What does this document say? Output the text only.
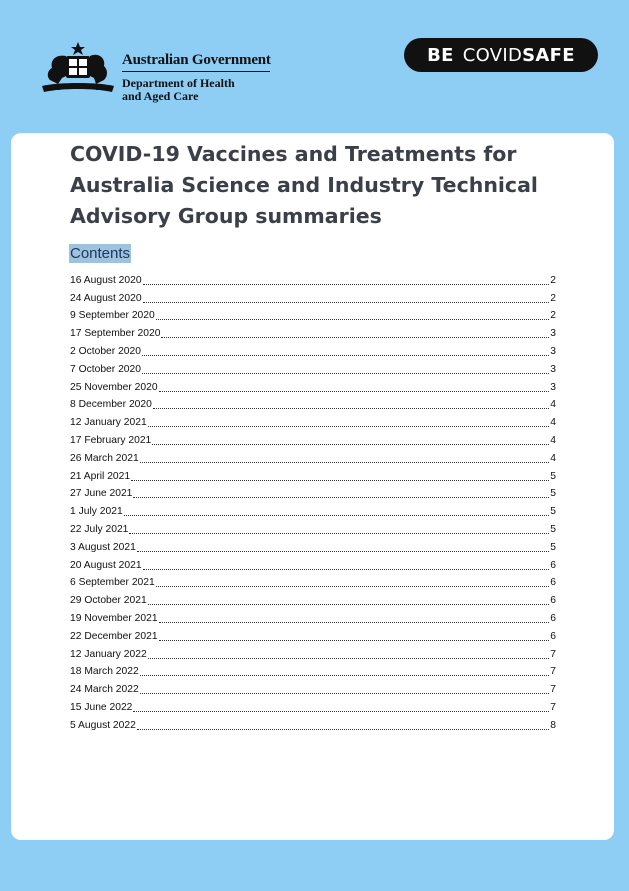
Australian Government
Department of Health
and Aged Care
BE COVID SAFE
COVID-19 Vaccines and Treatments for Australia Science and Industry Technical Advisory Group summaries
Contents
16 August 2020	2
24 August 2020	2
9 September 2020	2
17 September 2020	3
2 October 2020	3
7 October 2020	3
25 November 2020	3
8 December 2020	4
12 January 2021	4
17 February 2021	4
26 March 2021	4
21 April 2021	5
27 June 2021	5
1 July 2021	5
22 July 2021	5
3 August 2021	5
20 August 2021	6
6 September 2021	6
29 October 2021	6
19 November 2021	6
22 December 2021	6
12 January 2022	7
18 March 2022	7
24 March 2022	7
15 June 2022	7
5 August 2022	8
